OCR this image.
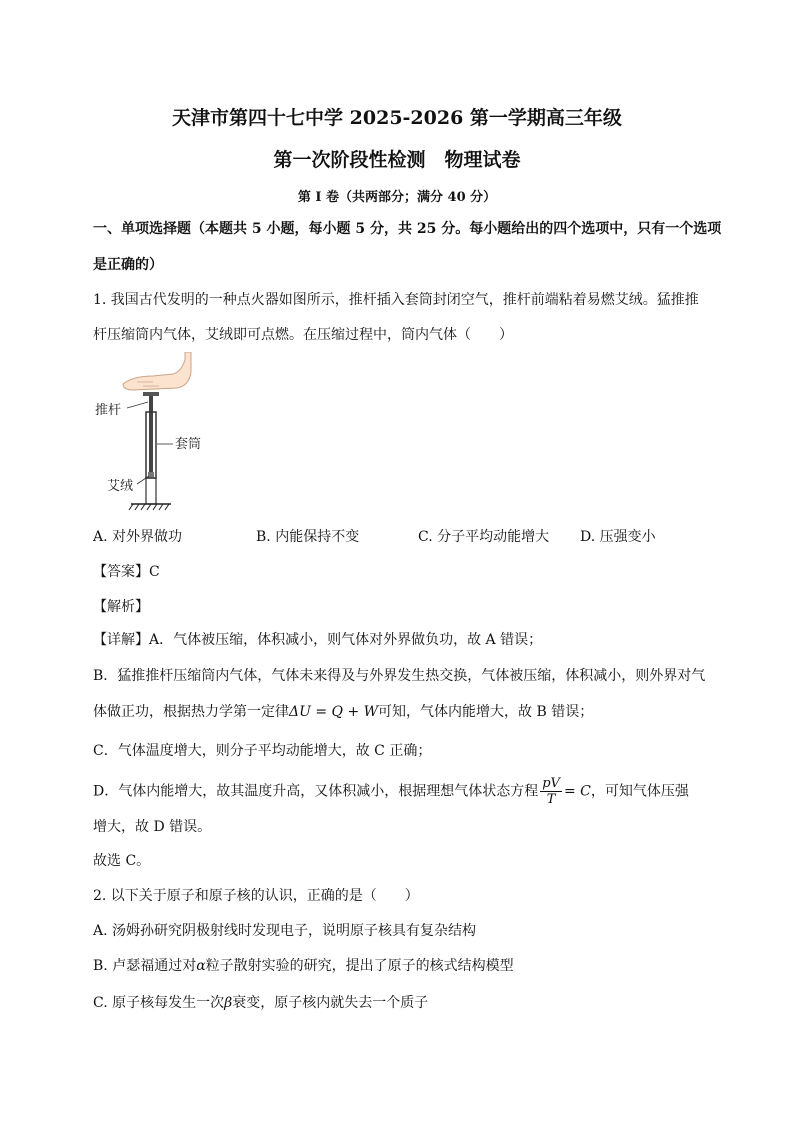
天津市第四十七中学 2025-2026 第一学期高三年级
第一次阶段性检测　物理试卷
第 I 卷（共两部分；满分 40 分）
一、单项选择题（本题共 5 小题，每小题 5 分，共 25 分。每小题给出的四个选项中，只有一个选项
是正确的）
1. 我国古代发明的一种点火器如图所示，推杆插入套筒封闭空气，推杆前端粘着易燃艾绒。猛推推
杆压缩筒内气体，艾绒即可点燃。在压缩过程中，筒内气体（　　）
推杆
套筒
艾绒
A. 对外界做功	B. 内能保持不变	C. 分子平均动能增大 D. 压强变小
【答案】C
【解析】
【详解】A．气体被压缩，体积减小，则气体对外界做负功，故 A 错误；
B．猛推推杆压缩筒内气体，气体未来得及与外界发生热交换，气体被压缩，体积减小，则外界对气
体做正功，根据热力学第一定律ΔU = Q + W可知，气体内能增大，故 B 错误；
C．气体温度增大，则分子平均动能增大，故 C 正确；
D．气体内能增大，故其温度升高，又体积减小，根据理想气体状态方程 $\frac{pV}{T} = C$，可知气体压强
增大，故 D 错误。
故选 C。
2. 以下关于原子和原子核的认识，正确的是（　　）
A. 汤姆孙研究阴极射线时发现电子，说明原子核具有复杂结构
B. 卢瑟福通过对α粒子散射实验的研究，提出了原子的核式结构模型
C. 原子核每发生一次β衰变，原子核内就失去一个质子
